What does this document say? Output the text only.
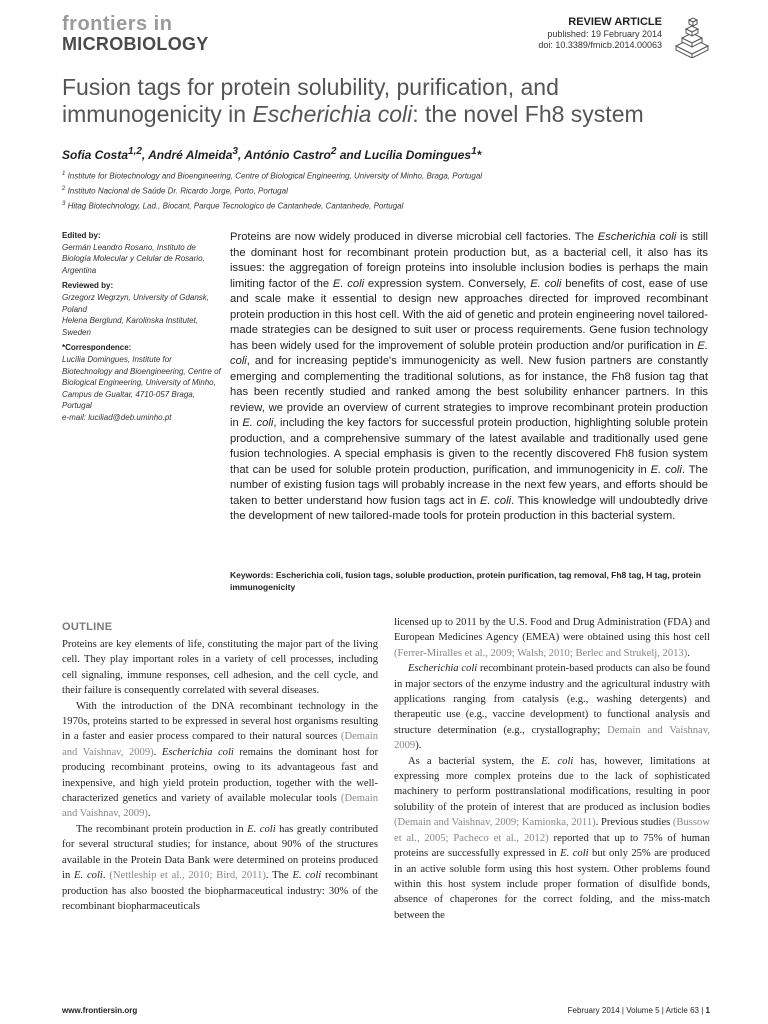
frontiers in
MICROBIOLOGY
REVIEW ARTICLE
published: 19 February 2014
doi: 10.3389/fmicb.2014.00063
Fusion tags for protein solubility, purification, and immunogenicity in Escherichia coli: the novel Fh8 system
Sofia Costa$^{1,2}$, André Almeida$^3$, António Castro$^2$ and Lucília Domingues$^1$*
$^1$ Institute for Biotechnology and Bioengineering, Centre of Biological Engineering, University of Minho, Braga, Portugal
$^2$ Instituto Nacional de Saúde Dr. Ricardo Jorge, Porto, Portugal
$^3$ Hitag Biotechnology, Lad., Biocant, Parque Tecnologico de Cantanhede, Cantanhede, Portugal
Edited by:
Germán Leandro Rosano, Instituto de Biología Molecular y Celular de Rosario, Argentina
Reviewed by:
Grzegorz Wegrzyn, University of Gdansk, Poland
Helena Berglund, Karolinska Institutet, Sweden
*Correspondence:
Lucília Domingues, Institute for Biotechnology and Bioengineering, Centre of Biological Engineering, University of Minho, Campus de Gualtar, 4710-057 Braga, Portugal
e-mail: luciliad@deb.uminho.pt
Proteins are now widely produced in diverse microbial cell factories. The Escherichia coli is still the dominant host for recombinant protein production but, as a bacterial cell, it also has its issues: the aggregation of foreign proteins into insoluble inclusion bodies is perhaps the main limiting factor of the E. coli expression system. Conversely, E. coli benefits of cost, ease of use and scale make it essential to design new approaches directed for improved recombinant protein production in this host cell. With the aid of genetic and protein engineering novel tailored-made strategies can be designed to suit user or process requirements. Gene fusion technology has been widely used for the improvement of soluble protein production and/or purification in E. coli, and for increasing peptide's immunogenicity as well. New fusion partners are constantly emerging and complementing the traditional solutions, as for instance, the Fh8 fusion tag that has been recently studied and ranked among the best solubility enhancer partners. In this review, we provide an overview of current strategies to improve recombinant protein production in E. coli, including the key factors for successful protein production, highlighting soluble protein production, and a comprehensive summary of the latest available and traditionally used gene fusion technologies. A special emphasis is given to the recently discovered Fh8 fusion system that can be used for soluble protein production, purification, and immunogenicity in E. coli. The number of existing fusion tags will probably increase in the next few years, and efforts should be taken to better understand how fusion tags act in E. coli. This knowledge will undoubtedly drive the development of new tailored-made tools for protein production in this bacterial system.
Keywords: Escherichia coli, fusion tags, soluble production, protein purification, tag removal, Fh8 tag, H tag, protein immunogenicity
OUTLINE

Proteins are key elements of life, constituting the major part of the living cell. They play important roles in a variety of cell processes, including cell signaling, immune responses, cell adhesion, and the cell cycle, and their failure is consequently correlated with several diseases.

With the introduction of the DNA recombinant technology in the 1970s, proteins started to be expressed in several host organisms resulting in a faster and easier process compared to their natural sources (Demain and Vaishnav, 2009). Escherichia coli remains the dominant host for producing recombinant proteins, owing to its advantageous fast and inexpensive, and high yield protein production, together with the well-characterized genetics and variety of available molecular tools (Demain and Vaishnav, 2009).

The recombinant protein production in E. coli has greatly contributed for several structural studies; for instance, about 90% of the structures available in the Protein Data Bank were determined on proteins produced in E. coli. (Nettleship et al., 2010; Bird, 2011). The E. coli recombinant production has also boosted the biopharmaceutical industry: 30% of the recombinant biopharmaceuticals

licensed up to 2011 by the U.S. Food and Drug Administration (FDA) and European Medicines Agency (EMEA) were obtained using this host cell (Ferrer-Miralles et al., 2009; Walsh, 2010; Berlec and Strukelj, 2013).

Escherichia coli recombinant protein-based products can also be found in major sectors of the enzyme industry and the agricultural industry with applications ranging from catalysis (e.g., washing detergents) and therapeutic use (e.g., vaccine development) to functional analysis and structure determination (e.g., crystallography; Demain and Vaishnav, 2009).

As a bacterial system, the E. coli has, however, limitations at expressing more complex proteins due to the lack of sophisticated machinery to perform posttranslational modifications, resulting in poor solubility of the protein of interest that are produced as inclusion bodies (Demain and Vaishnav, 2009; Kamionka, 2011). Previous studies (Bussow et al., 2005; Pacheco et al., 2012) reported that up to 75% of human proteins are successfully expressed in E. coli but only 25% are produced in an active soluble form using this host system. Other problems found within this host system include proper formation of disulfide bonds, absence of chaperones for the correct folding, and the miss-match between the

www.frontiersin.org	February 2014 | Volume 5 | Article 63 | 1
